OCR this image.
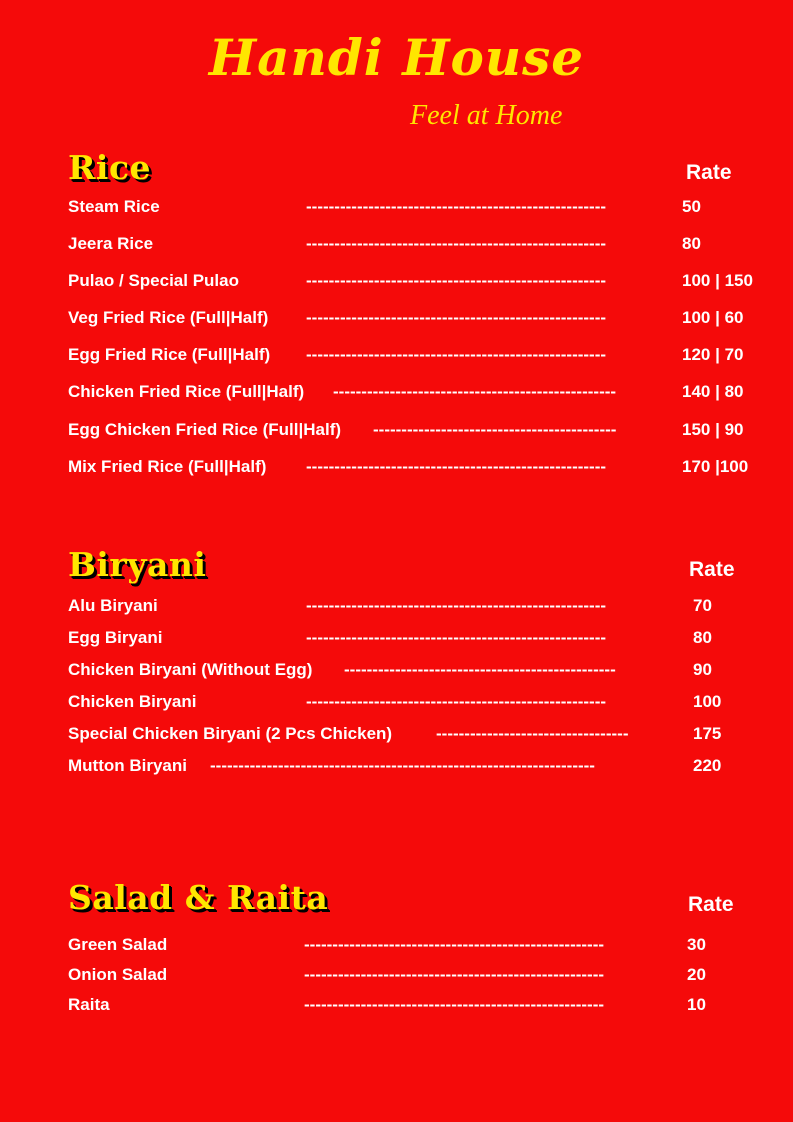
Handi House
Feel at Home
Rice	Rate
Steam Rice	-----------------------------------------------------	50
Jeera Rice	-----------------------------------------------------	80
Pulao / Special Pulao	-----------------------------------------------------	100 | 150
Veg Fried Rice (Full|Half) -----------------------------------------------------	100 | 60
Egg Fried Rice (Full|Half) -----------------------------------------------------	120 | 70
Chicken Fried Rice (Full|Half) --------------------------------------------------	140 | 80
Egg Chicken Fried Rice (Full|Half) -------------------------------------------	150 | 90
Mix Fried Rice (Full|Half) -----------------------------------------------------	170 |100
Biryani	Rate
Alu Biryani	-----------------------------------------------------	70
Egg Biryani	-----------------------------------------------------	80
Chicken Biryani (Without Egg) ------------------------------------------------	90
Chicken Biryani	-----------------------------------------------------	100
Special Chicken Biryani (2 Pcs Chicken)	----------------------------------	175
Mutton Biryani --------------------------------------------------------------------	220
Salad & Raita	Rate
Green Salad	-----------------------------------------------------	30
Onion Salad	-----------------------------------------------------	20
Raita	-----------------------------------------------------	10
